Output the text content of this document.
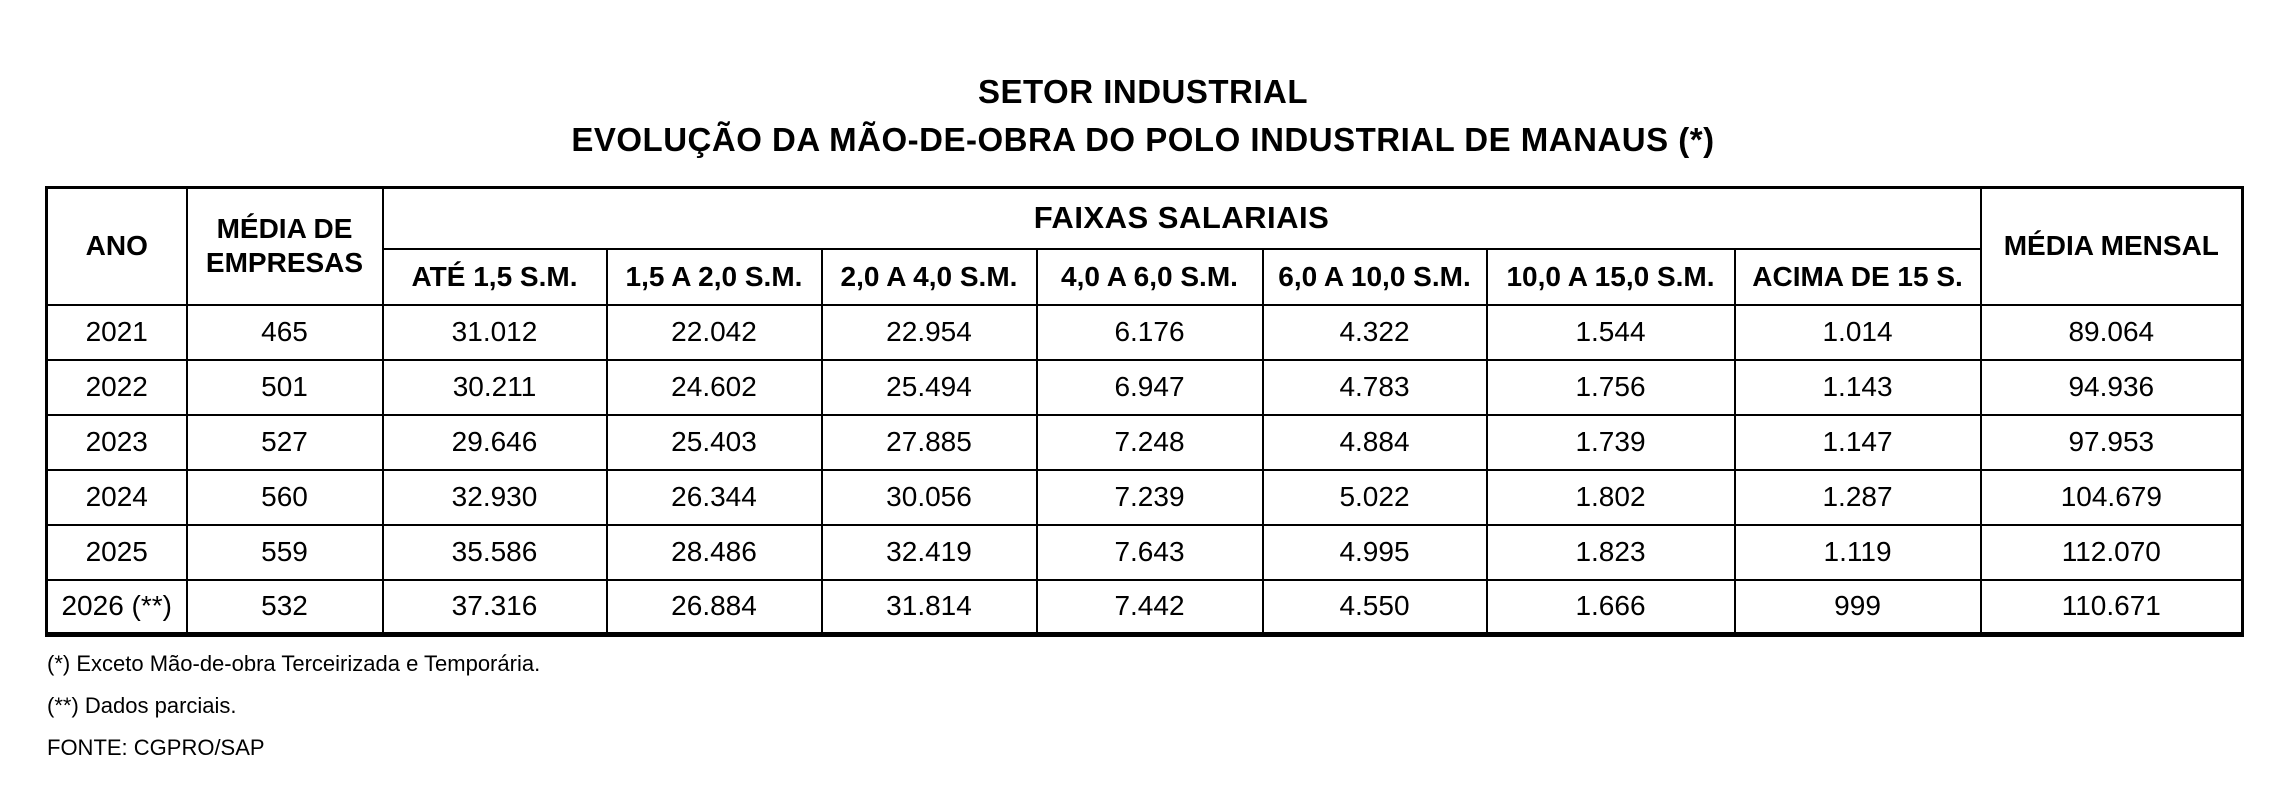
SETOR INDUSTRIAL
EVOLUÇÃO DA MÃO-DE-OBRA DO POLO INDUSTRIAL DE MANAUS (*)
ANO	MÉDIA DE EMPRESAS	FAIXAS SALARIAIS							MÉDIA MENSAL
		ATÉ 1,5 S.M.	1,5 A 2,0 S.M.	2,0 A 4,0 S.M.	4,0 A 6,0 S.M.	6,0 A 10,0 S.M.	10,0 A 15,0 S.M.	ACIMA DE 15 S.	
2021	465	31.012	22.042	22.954	6.176	4.322	1.544	1.014	89.064
2022	501	30.211	24.602	25.494	6.947	4.783	1.756	1.143	94.936
2023	527	29.646	25.403	27.885	7.248	4.884	1.739	1.147	97.953
2024	560	32.930	26.344	30.056	7.239	5.022	1.802	1.287	104.679
2025	559	35.586	28.486	32.419	7.643	4.995	1.823	1.119	112.070
2026 (**)	532	37.316	26.884	31.814	7.442	4.550	1.666	999	110.671
(*) Exceto Mão-de-obra Terceirizada e Temporária.
(**) Dados parciais.
FONTE: CGPRO/SAP
